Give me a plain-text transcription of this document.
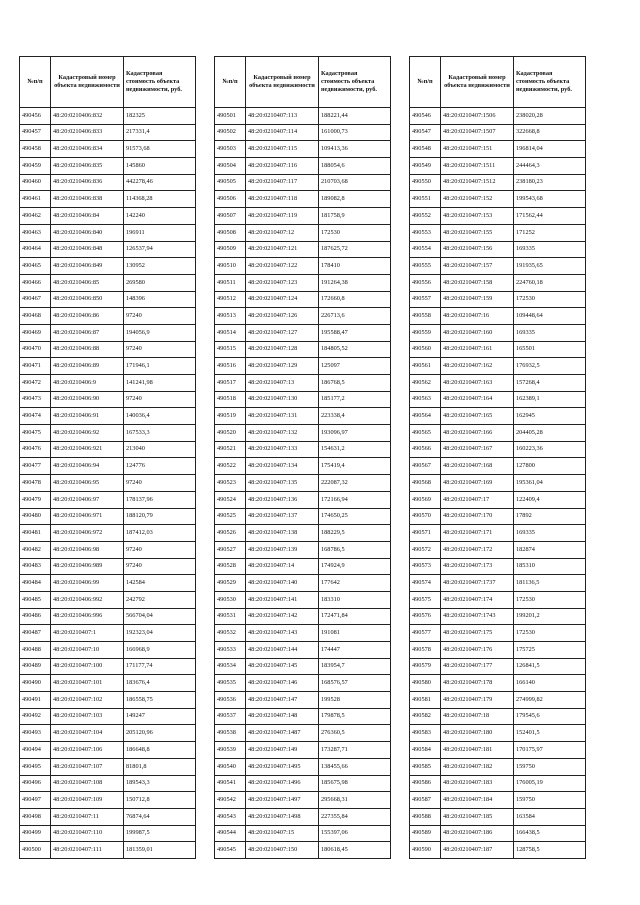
№п/п	Кадастровый номер объекта недвижимости	Кадастровая стоимость объекта недвижимости, руб.
490456	48:20:0210406:832	182325
490457	48:20:0210406:833	217331,4
490458	48:20:0210406:834	91573,68
490459	48:20:0210406:835	145860
490460	48:20:0210406:836	442278,46
490461	48:20:0210406:838	114368,28
490462	48:20:0210406:84	142240
490463	48:20:0210406:840	196911
490464	48:20:0210406:848	126537,94
490465	48:20:0210406:849	130952
490466	48:20:0210406:85	269580
490467	48:20:0210406:850	148396
490468	48:20:0210406:86	97240
490469	48:20:0210406:87	194056,9
490470	48:20:0210406:88	97240
490471	48:20:0210406:89	171946,1
490472	48:20:0210406:9	141241,98
490473	48:20:0210406:90	97240
490474	48:20:0210406:91	140036,4
490475	48:20:0210406:92	167533,3
490476	48:20:0210406:921	213040
490477	48:20:0210406:94	124776
490478	48:20:0210406:95	97240
490479	48:20:0210406:97	178137,96
490480	48:20:0210406:971	188120,79
490481	48:20:0210406:972	187412,03
490482	48:20:0210406:98	97240
490483	48:20:0210406:989	97240
490484	48:20:0210406:99	142584
490485	48:20:0210406:992	242792
490486	48:20:0210406:996	566704,04
490487	48:20:0210407:1	192323,04
490488	48:20:0210407:10	166968,9
490489	48:20:0210407:100	171177,74
490490	48:20:0210407:101	183676,4
490491	48:20:0210407:102	186558,75
490492	48:20:0210407:103	149247
490493	48:20:0210407:104	205120,96
490494	48:20:0210407:106	186648,8
490495	48:20:0210407:107	81801,8
490496	48:20:0210407:108	189543,3
490497	48:20:0210407:109	150712,8
490498	48:20:0210407:11	76874,64
490499	48:20:0210407:110	199987,5
490500	48:20:0210407:111	181359,01
№п/п	Кадастровый номер объекта недвижимости	Кадастровая стоимость объекта недвижимости, руб.
490501	48:20:0210407:113	188221,44
490502	48:20:0210407:114	161000,73
490503	48:20:0210407:115	109413,36
490504	48:20:0210407:116	188054,6
490505	48:20:0210407:117	210703,68
490506	48:20:0210407:118	189082,8
490507	48:20:0210407:119	181758,9
490508	48:20:0210407:12	172530
490509	48:20:0210407:121	187625,72
490510	48:20:0210407:122	178410
490511	48:20:0210407:123	191264,38
490512	48:20:0210407:124	172660,8
490513	48:20:0210407:126	226713,6
490514	48:20:0210407:127	195588,47
490515	48:20:0210407:128	184805,52
490516	48:20:0210407:129	125097
490517	48:20:0210407:13	186768,5
490518	48:20:0210407:130	185177,2
490519	48:20:0210407:131	223338,4
490520	48:20:0210407:132	193096,97
490521	48:20:0210407:133	154631,2
490522	48:20:0210407:134	175419,4
490523	48:20:0210407:135	222087,32
490524	48:20:0210407:136	172166,94
490525	48:20:0210407:137	174650,25
490526	48:20:0210407:138	188229,5
490527	48:20:0210407:139	168786,5
490528	48:20:0210407:14	174924,9
490529	48:20:0210407:140	177642
490530	48:20:0210407:141	183310
490531	48:20:0210407:142	172471,84
490532	48:20:0210407:143	191081
490533	48:20:0210407:144	174447
490534	48:20:0210407:145	183954,7
490535	48:20:0210407:146	168576,57
490536	48:20:0210407:147	199528
490537	48:20:0210407:148	179878,5
490538	48:20:0210407:1487	276360,5
490539	48:20:0210407:149	173287,71
490540	48:20:0210407:1495	138455,66
490541	48:20:0210407:1496	185675,98
490542	48:20:0210407:1497	295668,31
490543	48:20:0210407:1498	227355,84
490544	48:20:0210407:15	155397,06
490545	48:20:0210407:150	180618,45
№п/п	Кадастровый номер объекта недвижимости	Кадастровая стоимость объекта недвижимости, руб.
490546	48:20:0210407:1506	238020,28
490547	48:20:0210407:1507	322668,8
490548	48:20:0210407:151	196814,04
490549	48:20:0210407:1511	244464,3
490550	48:20:0210407:1512	238180,23
490551	48:20:0210407:152	199543,68
490552	48:20:0210407:153	171562,44
490553	48:20:0210407:155	171252
490554	48:20:0210407:156	169335
490555	48:20:0210407:157	191935,65
490556	48:20:0210407:158	224760,18
490557	48:20:0210407:159	172530
490558	48:20:0210407:16	109448,64
490559	48:20:0210407:160	169335
490560	48:20:0210407:161	165501
490561	48:20:0210407:162	176932,5
490562	48:20:0210407:163	157268,4
490563	48:20:0210407:164	162389,1
490564	48:20:0210407:165	162945
490565	48:20:0210407:166	204405,28
490566	48:20:0210407:167	160223,36
490567	48:20:0210407:168	127800
490568	48:20:0210407:169	195361,04
490569	48:20:0210407:17	122409,4
490570	48:20:0210407:170	17892
490571	48:20:0210407:171	169335
490572	48:20:0210407:172	182874
490573	48:20:0210407:173	185310
490574	48:20:0210407:1737	181136,5
490575	48:20:0210407:174	172530
490576	48:20:0210407:1743	199201,2
490577	48:20:0210407:175	172530
490578	48:20:0210407:176	175725
490579	48:20:0210407:177	126841,5
490580	48:20:0210407:178	166140
490581	48:20:0210407:179	274999,82
490582	48:20:0210407:18	179545,6
490583	48:20:0210407:180	152401,5
490584	48:20:0210407:181	170175,97
490585	48:20:0210407:182	159750
490586	48:20:0210407:183	176005,19
490587	48:20:0210407:184	159750
490588	48:20:0210407:185	163584
490589	48:20:0210407:186	166438,5
490590	48:20:0210407:187	128758,5
